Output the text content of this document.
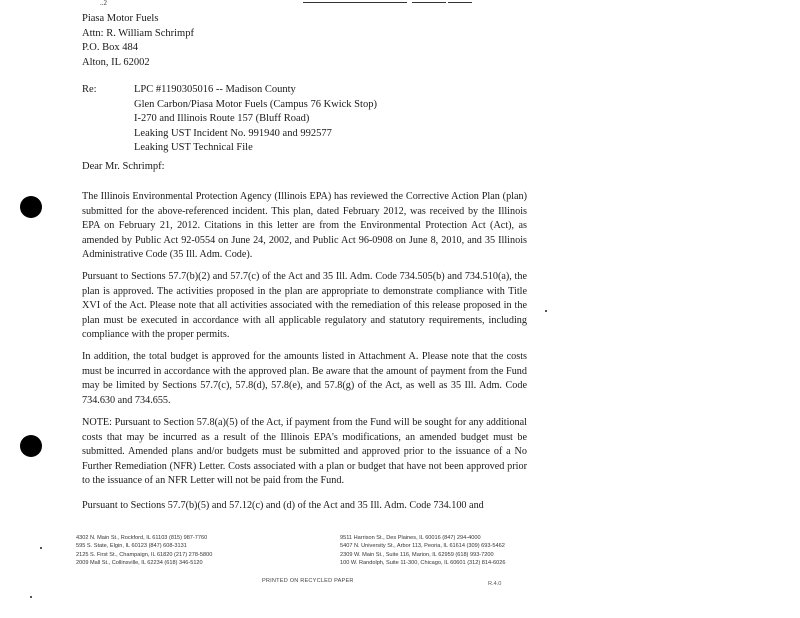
..2
Piasa Motor Fuels
Attn: R. William Schrimpf
P.O. Box 484
Alton, IL 62002
Re:	LPC #1190305016 -- Madison County
Glen Carbon/Piasa Motor Fuels (Campus 76 Kwick Stop)
I-270 and Illinois Route 157 (Bluff Road)
Leaking UST Incident No. 991940 and 992577
Leaking UST Technical File
Dear Mr. Schrimpf:
The Illinois Environmental Protection Agency (Illinois EPA) has reviewed the Corrective Action Plan (plan) submitted for the above-referenced incident. This plan, dated February 2012, was received by the Illinois EPA on February 21, 2012. Citations in this letter are from the Environmental Protection Act (Act), as amended by Public Act 92-0554 on June 24, 2002, and Public Act 96-0908 on June 8, 2010, and 35 Illinois Administrative Code (35 Ill. Adm. Code).
Pursuant to Sections 57.7(b)(2) and 57.7(c) of the Act and 35 Ill. Adm. Code 734.505(b) and 734.510(a), the plan is approved. The activities proposed in the plan are appropriate to demonstrate compliance with Title XVI of the Act. Please note that all activities associated with the remediation of this release proposed in the plan must be executed in accordance with all applicable regulatory and statutory requirements, including compliance with the proper permits.
In addition, the total budget is approved for the amounts listed in Attachment A. Please note that the costs must be incurred in accordance with the approved plan. Be aware that the amount of payment from the Fund may be limited by Sections 57.7(c), 57.8(d), 57.8(e), and 57.8(g) of the Act, as well as 35 Ill. Adm. Code 734.630 and 734.655.
NOTE: Pursuant to Section 57.8(a)(5) of the Act, if payment from the Fund will be sought for any additional costs that may be incurred as a result of the Illinois EPA's modifications, an amended budget must be submitted. Amended plans and/or budgets must be submitted and approved prior to the issuance of a No Further Remediation (NFR) Letter. Costs associated with a plan or budget that have not been approved prior to the issuance of an NFR Letter will not be paid from the Fund.
Pursuant to Sections 57.7(b)(5) and 57.12(c) and (d) of the Act and 35 Ill. Adm. Code 734.100 and
4302 N. Main St., Rockford, IL 61103 (815) 987-7760
595 S. State, Elgin, IL 60123 (847) 608-3131
2125 S. First St., Champaign, IL 61820 (217) 278-5800
2009 Mall St., Collinsville, IL 62234 (618) 346-5120
9511 Harrison St., Des Plaines, IL 60016 (847) 294-4000
5407 N. University St., Arbor 113, Peoria, IL 61614 (309) 693-5462
2309 W. Main St., Suite 116, Marion, IL 62959 (618) 993-7200
100 W. Randolph, Suite 11-300, Chicago, IL 60601 (312) 814-6026
PRINTED ON RECYCLED PAPER	R.4.0
